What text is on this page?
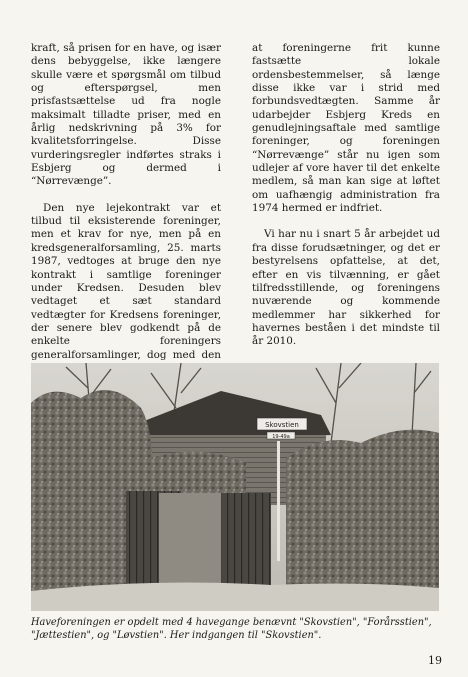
kraft, så prisen for en have, og især dens bebyggelse, ikke længere skulle være et spørgsmål om tilbud og efterspørgsel, men prisfastsættelse ud fra nogle maksimalt tilladte priser, med en årlig nedskrivning på 3% for kvalitetsforringelse. Disse vurderingsregler indførtes straks i Esbjerg og dermed i “Nørrevænge”.

Den nye lejekontrakt var et tilbud til eksisterende foreninger, men et krav for nye, men på en kredsgeneralforsamling, 25. marts 1987, vedtoges at bruge den nye kontrakt i samtlige foreninger under Kredsen. Desuden blev vedtaget et sæt standard vedtægter for Kredsens foreninger, der senere blev godkendt på de enkelte foreningers generalforsamlinger, dog med den

at foreningerne frit kunne fastsætte lokale ordensbestemmelser, så længe disse ikke var i strid med forbundsvedtægten. Samme år udarbejder Esbjerg Kreds en genudlejningsaftale med samtlige foreninger, og foreningen “Nørrevænge” står nu igen som udlejer af vore haver til det enkelte medlem, så man kan sige at løftet om uafhængig administration fra 1974 hermed er indfriet.

Vi har nu i snart 5 år arbejdet ud fra disse forudsætninger, og det er bestyrelsens opfattelse, at det, efter en vis tilvænning, er gået tilfredsstillende, og foreningens nuværende og kommende medlemmer har sikkerhed for havernes beståen i det mindste til år 2010.

Skovstien
19-49a
Haveforeningen er opdelt med 4 havegange benævnt "Skovstien", "Forårsstien", "Jættestien", og "Løvstien". Her indgangen til "Skovstien".
19
